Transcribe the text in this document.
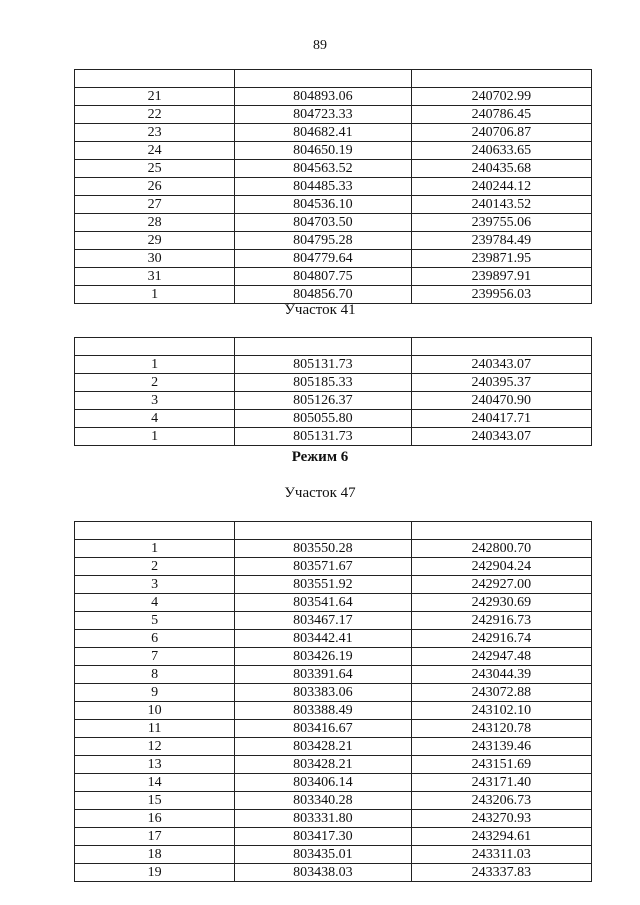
89

21	804893.06	240702.99
22	804723.33	240786.45
23	804682.41	240706.87
24	804650.19	240633.65
25	804563.52	240435.68
26	804485.33	240244.12
27	804536.10	240143.52
28	804703.50	239755.06
29	804795.28	239784.49
30	804779.64	239871.95
31	804807.75	239897.91
1	804856.70	239956.03
Участок 41

1	805131.73	240343.07
2	805185.33	240395.37
3	805126.37	240470.90
4	805055.80	240417.71
1	805131.73	240343.07
Режим 6
Участок 47

1	803550.28	242800.70
2	803571.67	242904.24
3	803551.92	242927.00
4	803541.64	242930.69
5	803467.17	242916.73
6	803442.41	242916.74
7	803426.19	242947.48
8	803391.64	243044.39
9	803383.06	243072.88
10	803388.49	243102.10
11	803416.67	243120.78
12	803428.21	243139.46
13	803428.21	243151.69
14	803406.14	243171.40
15	803340.28	243206.73
16	803331.80	243270.93
17	803417.30	243294.61
18	803435.01	243311.03
19	803438.03	243337.83
